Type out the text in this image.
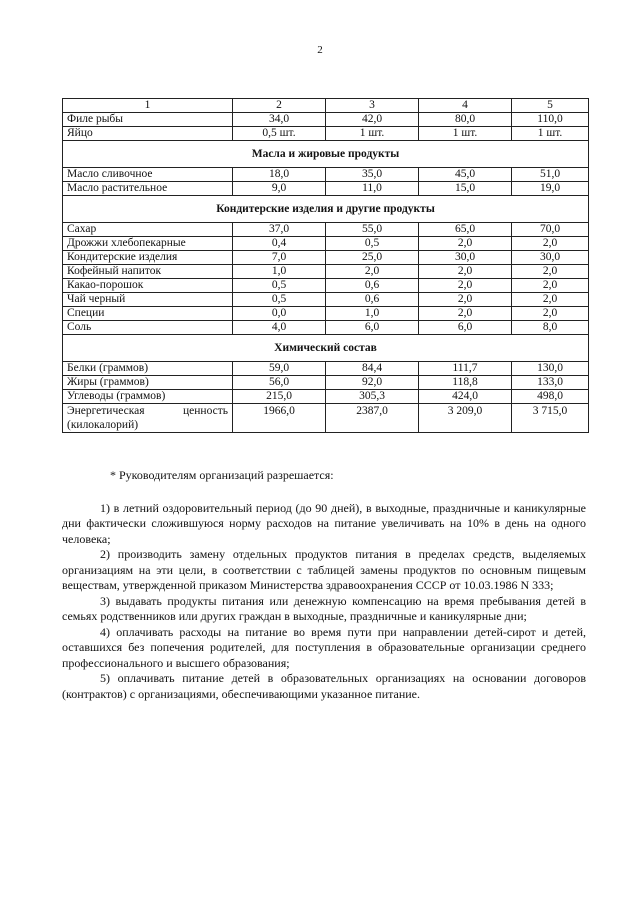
2
1	2	3	4	5
Филе рыбы	34,0	42,0	80,0	110,0
Яйцо	0,5 шт.	1 шт.	1 шт.	1 шт.
Масла и жировые продукты				
Масло сливочное	18,0	35,0	45,0	51,0
Масло растительное	9,0	11,0	15,0	19,0
Кондитерские изделия и другие продукты				
Сахар	37,0	55,0	65,0	70,0
Дрожжи хлебопекарные	0,4	0,5	2,0	2,0
Кондитерские изделия	7,0	25,0	30,0	30,0
Кофейный напиток	1,0	2,0	2,0	2,0
Какао-порошок	0,5	0,6	2,0	2,0
Чай черный	0,5	0,6	2,0	2,0
Специи	0,0	1,0	2,0	2,0
Соль	4,0	6,0	6,0	8,0
Химический состав				
Белки (граммов)	59,0	84,4	111,7	130,0
Жиры (граммов)	56,0	92,0	118,8	133,0
Углеводы (граммов)	215,0	305,3	424,0	498,0

Энергетическая ценность
(килокалорий)	1966,0	2387,0	3 209,0	3 715,0
* Руководителям организаций разрешается:

1) в летний оздоровительный период (до 90 дней), в выходные, праздничные и каникулярные дни фактически сложившуюся норму расходов на питание увеличивать на 10% в день на одного человека;

2) производить замену отдельных продуктов питания в пределах средств, выделяемых организациям на эти цели, в соответствии с таблицей замены продуктов по основным пищевым веществам, утвержденной приказом Министерства здравоохранения СССР от 10.03.1986 N 333;

3) выдавать продукты питания или денежную компенсацию на время пребывания детей в семьях родственников или других граждан в выходные, праздничные и каникулярные дни;

4) оплачивать расходы на питание во время пути при направлении детей-сирот и детей, оставшихся без попечения родителей, для поступления в образовательные организации среднего профессионального и высшего образования;

5) оплачивать питание детей в образовательных организациях на основании договоров (контрактов) с организациями, обеспечивающими указанное питание.
